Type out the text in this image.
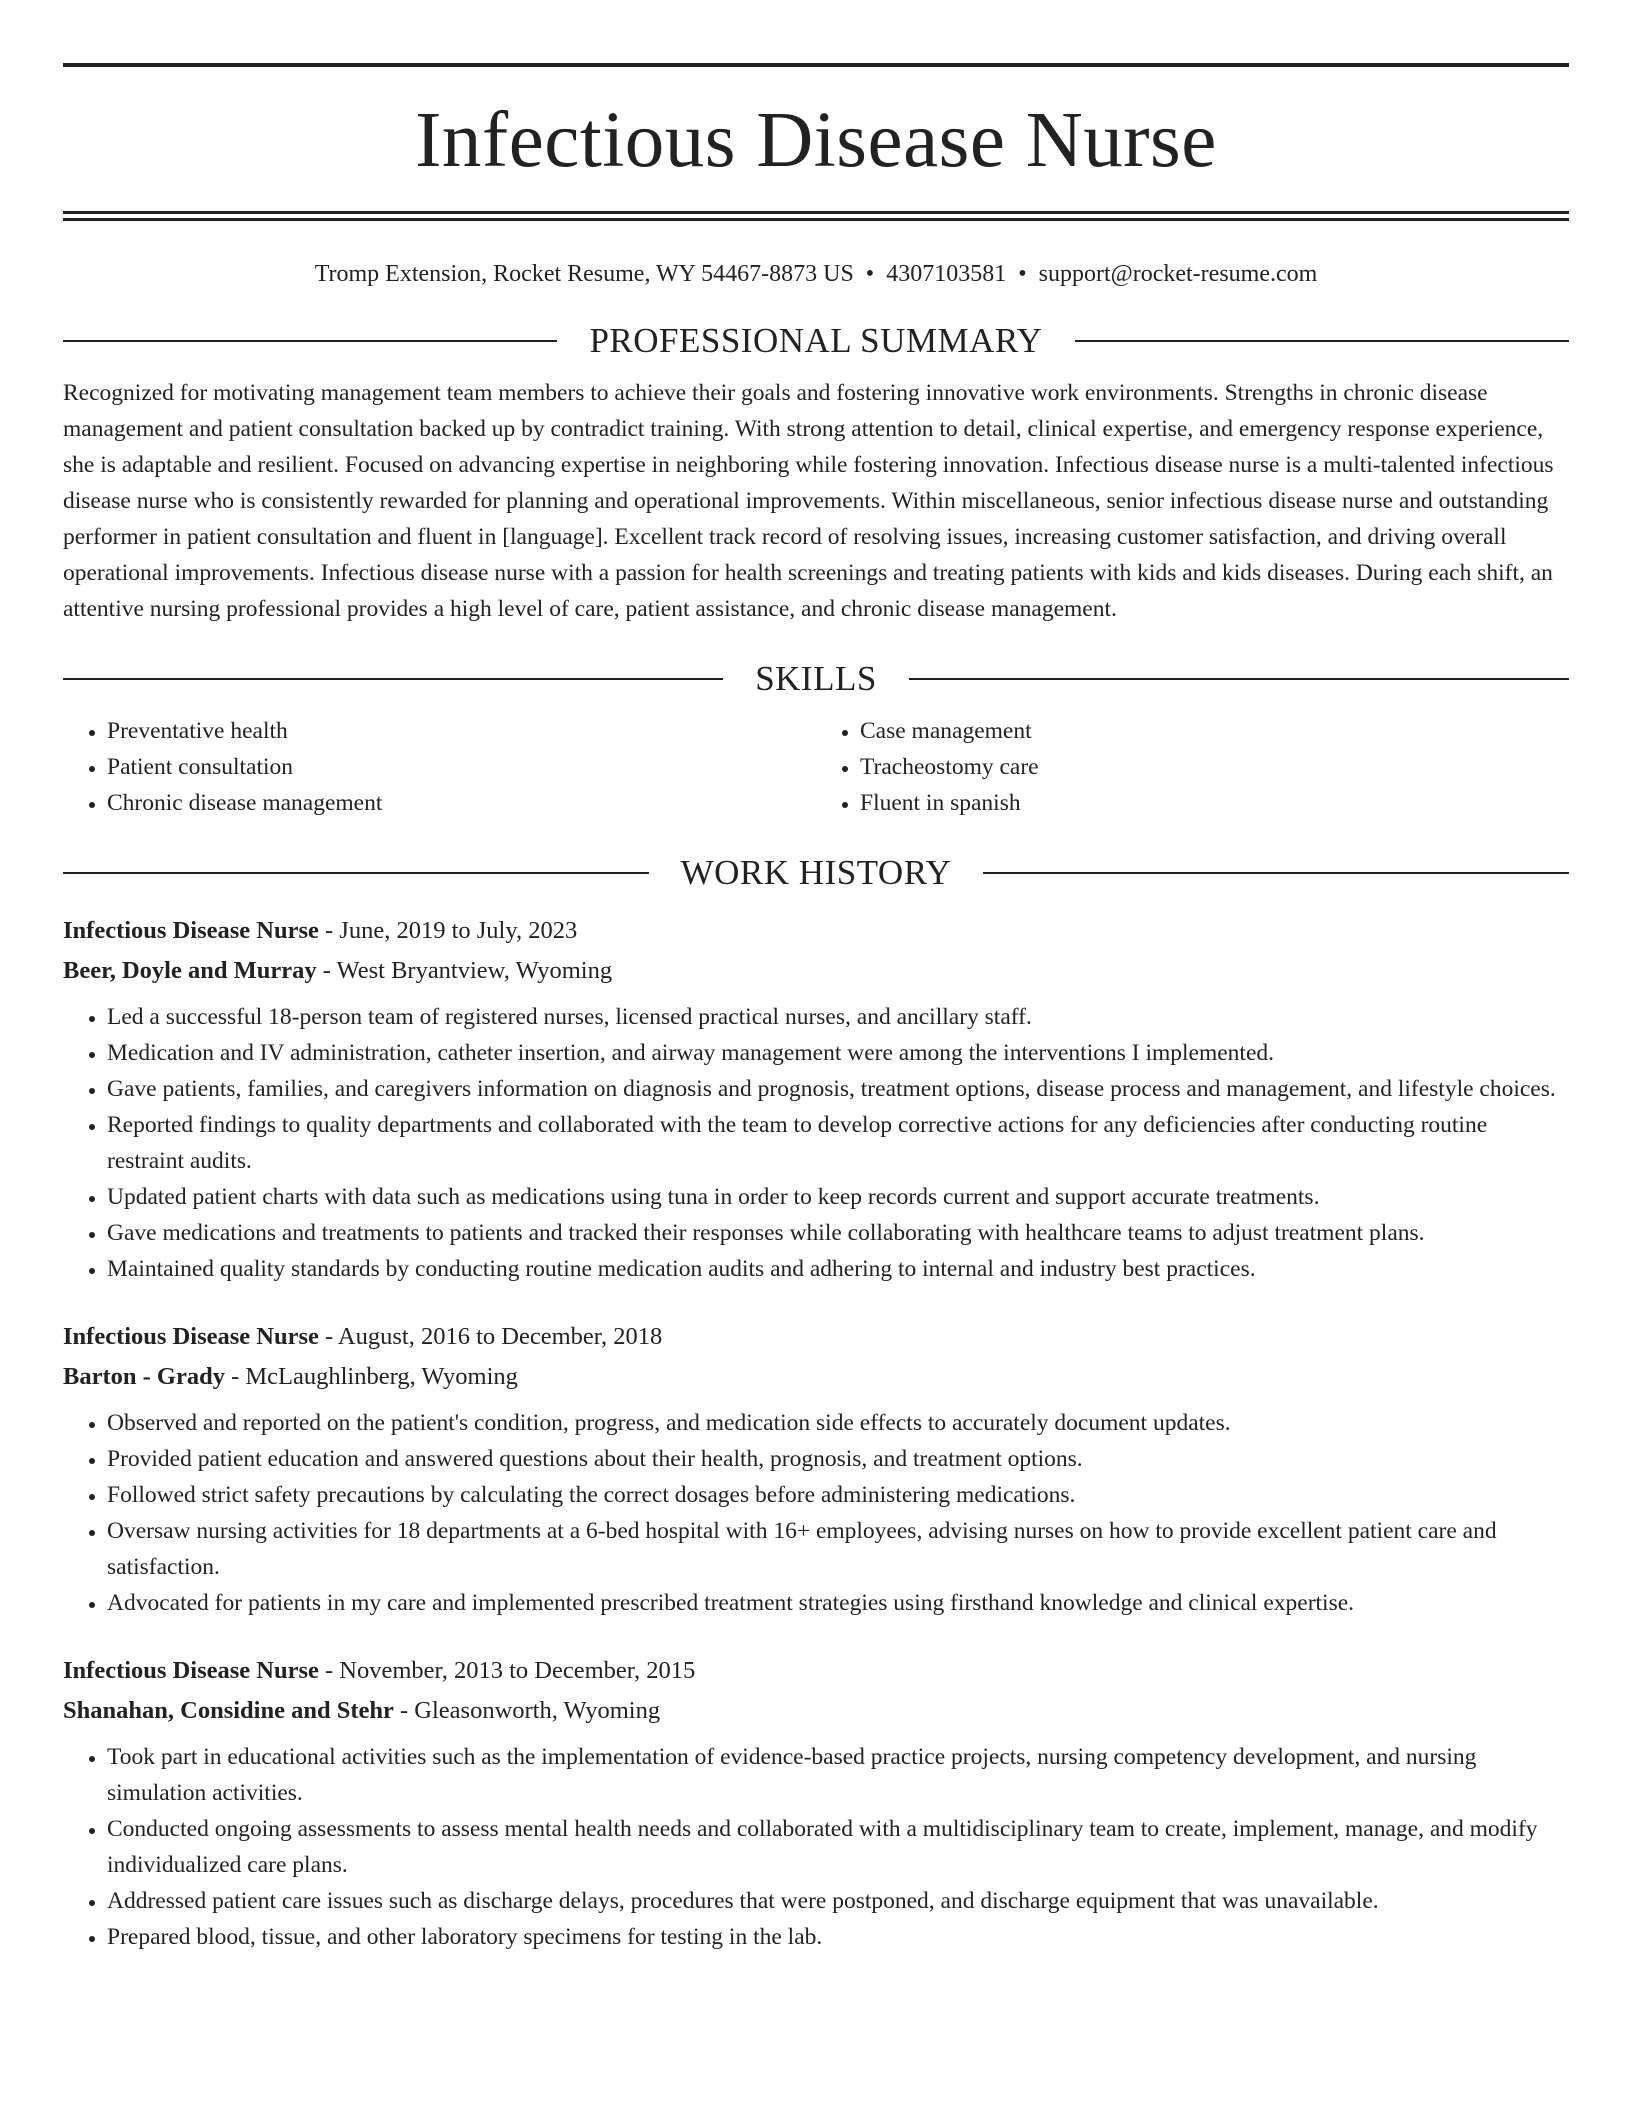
Infectious Disease Nurse
Tromp Extension, Rocket Resume, WY 54467-8873 US • 4307103581 • support@rocket-resume.com
PROFESSIONAL SUMMARY
Recognized for motivating management team members to achieve their goals and fostering innovative work environments. Strengths in chronic disease management and patient consultation backed up by contradict training. With strong attention to detail, clinical expertise, and emergency response experience, she is adaptable and resilient. Focused on advancing expertise in neighboring while fostering innovation. Infectious disease nurse is a multi-talented infectious disease nurse who is consistently rewarded for planning and operational improvements. Within miscellaneous, senior infectious disease nurse and outstanding performer in patient consultation and fluent in [language]. Excellent track record of resolving issues, increasing customer satisfaction, and driving overall operational improvements. Infectious disease nurse with a passion for health screenings and treating patients with kids and kids diseases. During each shift, an attentive nursing professional provides a high level of care, patient assistance, and chronic disease management.
SKILLS
• Preventative health
• Patient consultation
• Chronic disease management
• Case management
• Tracheostomy care
• Fluent in spanish
WORK HISTORY
Infectious Disease Nurse - June, 2019 to July, 2023
Beer, Doyle and Murray - West Bryantview, Wyoming
• Led a successful 18-person team of registered nurses, licensed practical nurses, and ancillary staff.
• Medication and IV administration, catheter insertion, and airway management were among the interventions I implemented.
• Gave patients, families, and caregivers information on diagnosis and prognosis, treatment options, disease process and management, and lifestyle choices.
• Reported findings to quality departments and collaborated with the team to develop corrective actions for any deficiencies after conducting routine restraint audits.
• Updated patient charts with data such as medications using tuna in order to keep records current and support accurate treatments.
• Gave medications and treatments to patients and tracked their responses while collaborating with healthcare teams to adjust treatment plans.
• Maintained quality standards by conducting routine medication audits and adhering to internal and industry best practices.
Infectious Disease Nurse - August, 2016 to December, 2018
Barton - Grady - McLaughlinberg, Wyoming
• Observed and reported on the patient's condition, progress, and medication side effects to accurately document updates.
• Provided patient education and answered questions about their health, prognosis, and treatment options.
• Followed strict safety precautions by calculating the correct dosages before administering medications.
• Oversaw nursing activities for 18 departments at a 6-bed hospital with 16+ employees, advising nurses on how to provide excellent patient care and satisfaction.
• Advocated for patients in my care and implemented prescribed treatment strategies using firsthand knowledge and clinical expertise.
Infectious Disease Nurse - November, 2013 to December, 2015
Shanahan, Considine and Stehr - Gleasonworth, Wyoming
• Took part in educational activities such as the implementation of evidence-based practice projects, nursing competency development, and nursing simulation activities.
• Conducted ongoing assessments to assess mental health needs and collaborated with a multidisciplinary team to create, implement, manage, and modify individualized care plans.
• Addressed patient care issues such as discharge delays, procedures that were postponed, and discharge equipment that was unavailable.
• Prepared blood, tissue, and other laboratory specimens for testing in the lab.
